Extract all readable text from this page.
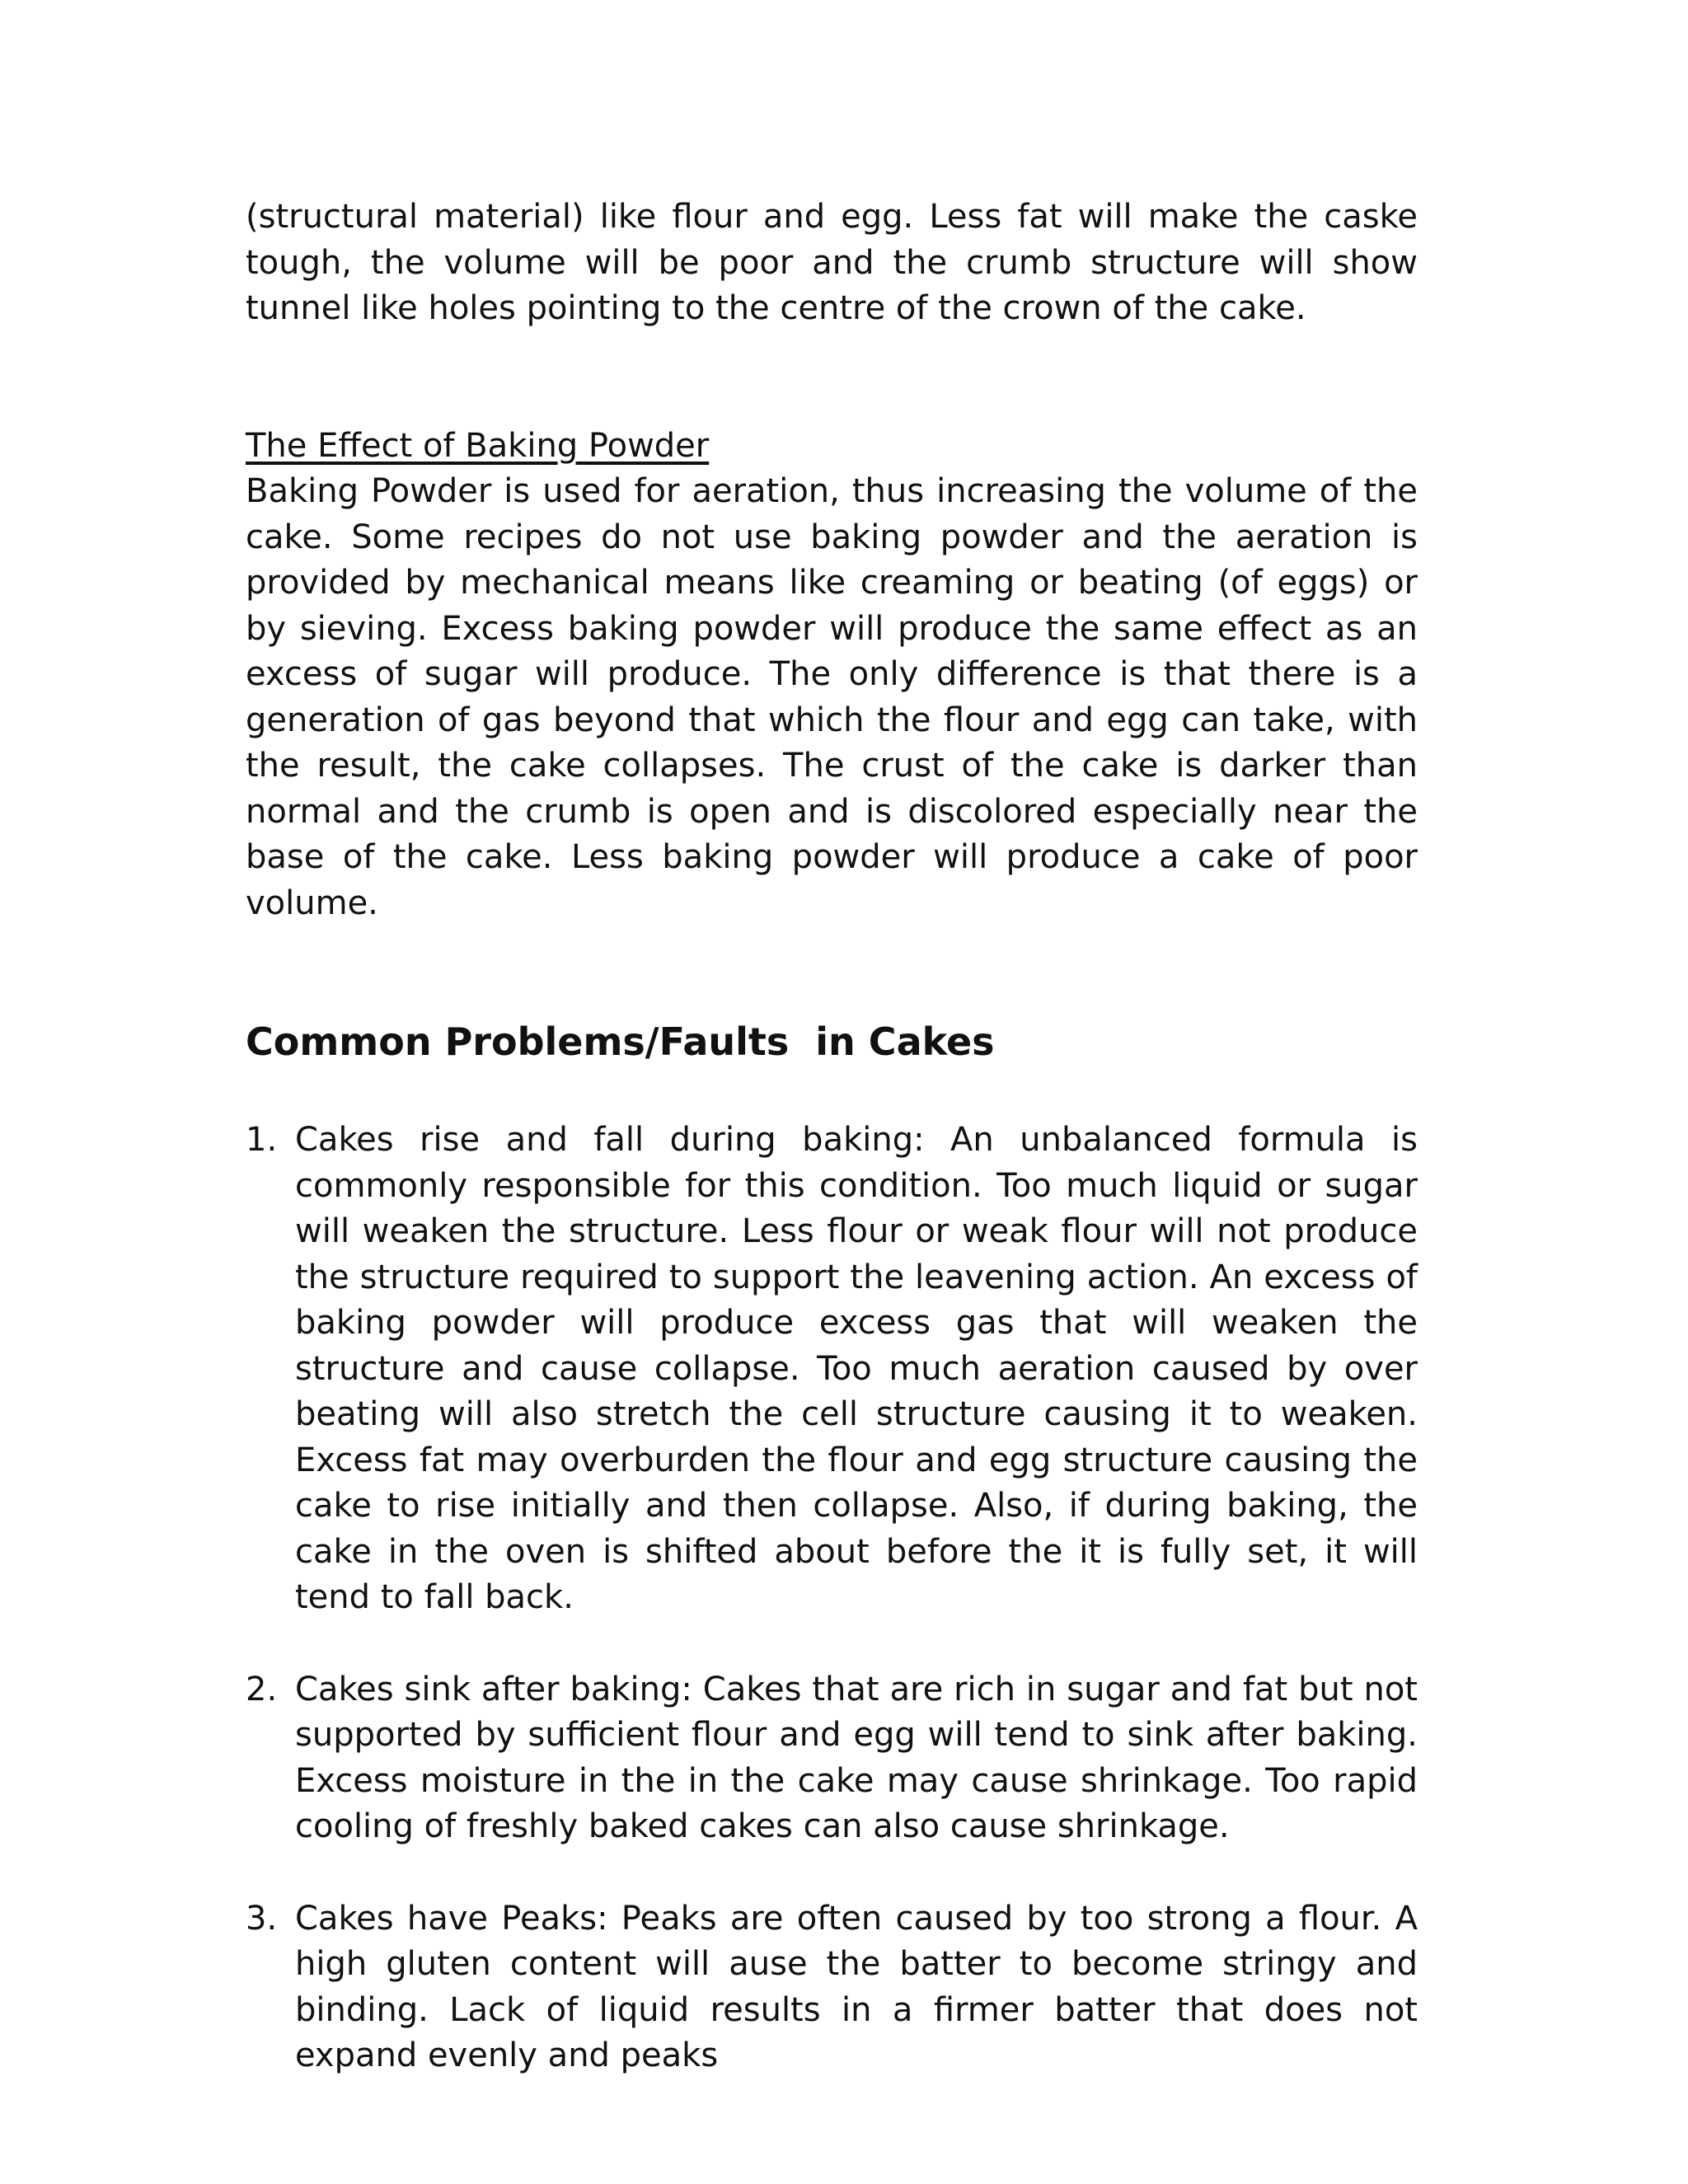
(structural material) like flour and egg. Less fat will make the caske tough, the volume will be poor and the crumb structure will show tunnel like holes pointing to the centre of the crown of the cake.

The Effect of Baking Powder

Baking Powder is used for aeration, thus increasing the volume of the cake. Some recipes do not use baking powder and the aeration is provided by mechanical means like creaming or beating (of eggs) or by sieving. Excess baking powder will produce the same effect as an excess of sugar will produce. The only difference is that there is a generation of gas beyond that which the flour and egg can take, with the result, the cake collapses. The crust of the cake is darker than normal and the crumb is open and is discolored especially near the base of the cake. Less baking powder will produce a cake of poor volume.

Common Problems/Faults  in Cakes
1. Cakes rise and fall during baking: An unbalanced formula is commonly responsible for this condition. Too much liquid or sugar will weaken the structure. Less flour or weak flour will not produce the structure required to support the leavening action. An excess of baking powder will produce excess gas that will weaken the structure and cause collapse. Too much aeration caused by over beating will also stretch the cell structure causing it to weaken. Excess fat may overburden the flour and egg structure causing the cake to rise initially and then collapse. Also, if during baking, the cake in the oven is shifted about before the it is fully set, it will tend to fall back.

2. Cakes sink after baking: Cakes that are rich in sugar and fat but not supported by sufficient flour and egg will tend to sink after baking. Excess moisture in the in the cake may cause shrinkage. Too rapid cooling of freshly baked cakes can also cause shrinkage.

3. Cakes have Peaks: Peaks are often caused by too strong a flour. A high gluten content will ause the batter to become stringy and binding. Lack of liquid results in a firmer batter that does not expand evenly and peaks
